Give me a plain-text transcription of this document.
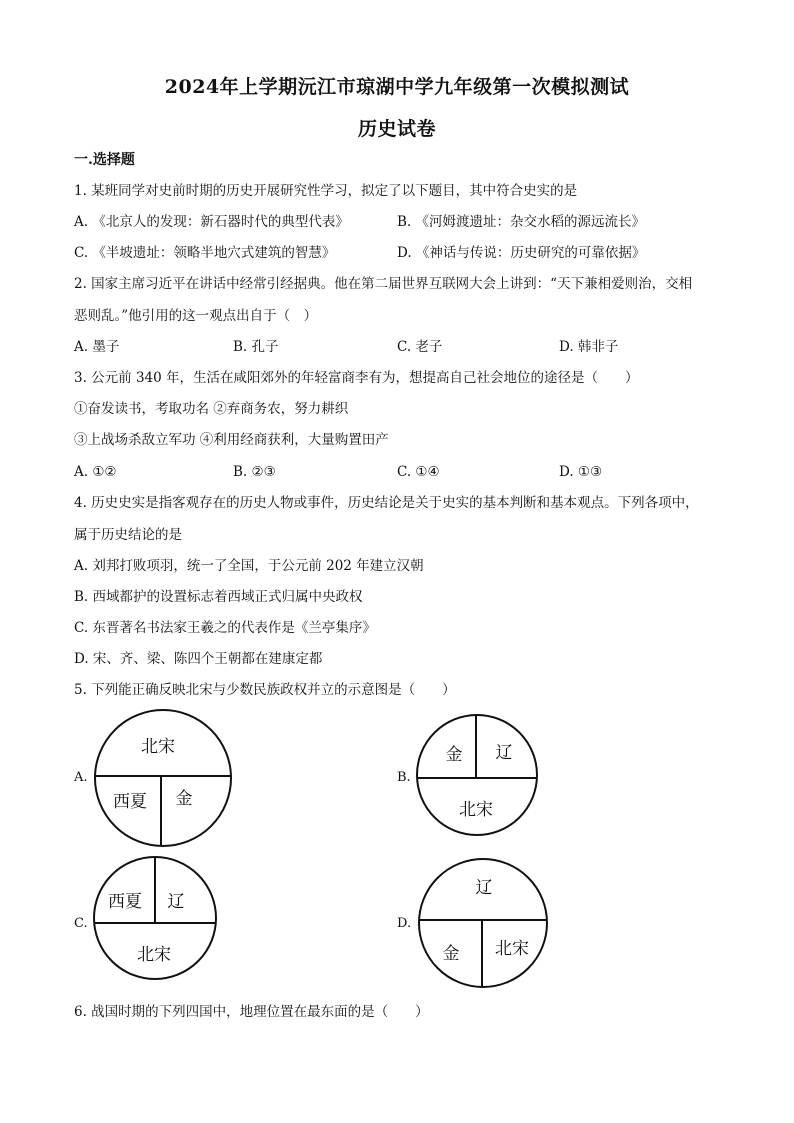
2024年上学期沅江市琼湖中学九年级第一次模拟测试
历史试卷
一.选择题
1. 某班同学对史前时期的历史开展研究性学习，拟定了以下题目，其中符合史实的是
A. 《北京人的发现：新石器时代的典型代表》	B. 《河姆渡遗址：杂交水稻的源远流长》
C. 《半坡遗址：领略半地穴式建筑的智慧》	D. 《神话与传说：历史研究的可靠依据》
2. 国家主席习近平在讲话中经常引经据典。他在第二届世界互联网大会上讲到：“天下兼相爱则治，交相
恶则乱。”他引用的这一观点出自于（　）
A. 墨子	B. 孔子	C. 老子	D. 韩非子
3. 公元前 340 年，生活在咸阳郊外的年轻富商李有为，想提高自己社会地位的途径是（　　）
①奋发读书，考取功名 ②弃商务农，努力耕织
③上战场杀敌立军功 ④利用经商获利，大量购置田产
A. ①②	B. ②③	C. ①④	D. ①③
4. 历史史实是指客观存在的历史人物或事件，历史结论是关于史实的基本判断和基本观点。下列各项中，
属于历史结论的是
A. 刘邦打败项羽，统一了全国，于公元前 202 年建立汉朝
B. 西域都护的设置标志着西域正式归属中央政权
C. 东晋著名书法家王羲之的代表作是《兰亭集序》
D. 宋、齐、梁、陈四个王朝都在建康定都
5. 下列能正确反映北宋与少数民族政权并立的示意图是（　　）
A.
北宋
西夏 金
B.
金 辽
北宋
C.
西夏 辽
北宋
D.
辽
金 北宋
6. 战国时期的下列四国中，地理位置在最东面的是（　　）
